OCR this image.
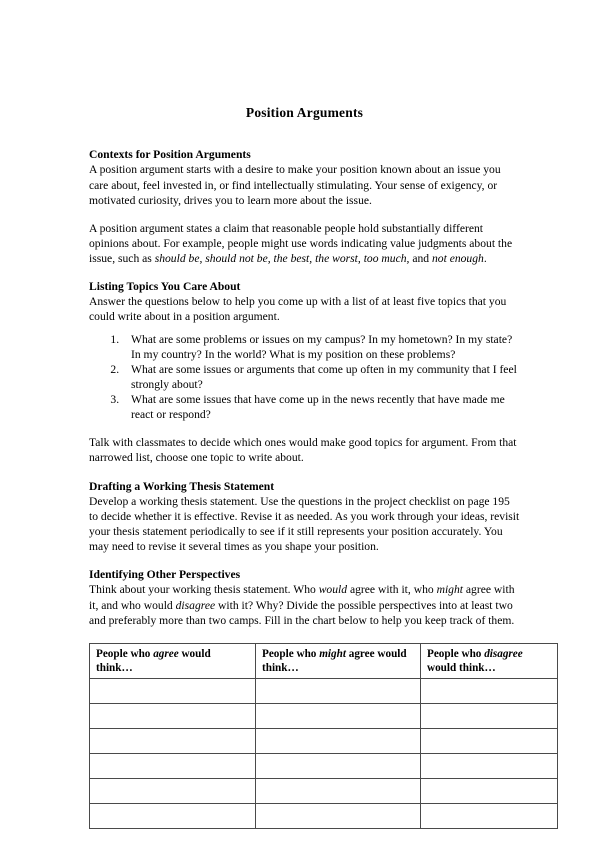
Position Arguments
Contexts for Position Arguments

A position argument starts with a desire to make your position known about an issue you care about, feel invested in, or find intellectually stimulating. Your sense of exigency, or motivated curiosity, drives you to learn more about the issue.

A position argument states a claim that reasonable people hold substantially different opinions about. For example, people might use words indicating value judgments about the issue, such as should be, should not be, the best, the worst, too much, and not enough.

Listing Topics You Care About

Answer the questions below to help you come up with a list of at least five topics that you could write about in a position argument.

1. What are some problems or issues on my campus? In my hometown? In my state? In my country? In the world? What is my position on these problems?
2. What are some issues or arguments that come up often in my community that I feel strongly about?
3. What are some issues that have come up in the news recently that have made me react or respond?

Talk with classmates to decide which ones would make good topics for argument. From that narrowed list, choose one topic to write about.

Drafting a Working Thesis Statement

Develop a working thesis statement. Use the questions in the project checklist on page 195 to decide whether it is effective. Revise it as needed. As you work through your ideas, revisit your thesis statement periodically to see if it still represents your position accurately. You may need to revise it several times as you shape your position.

Identifying Other Perspectives

Think about your working thesis statement. Who would agree with it, who might agree with it, and who would disagree with it? Why? Divide the possible perspectives into at least two and preferably more than two camps. Fill in the chart below to help you keep track of them.

People who agree would think…	People who might agree would think…	People who disagree would think…
